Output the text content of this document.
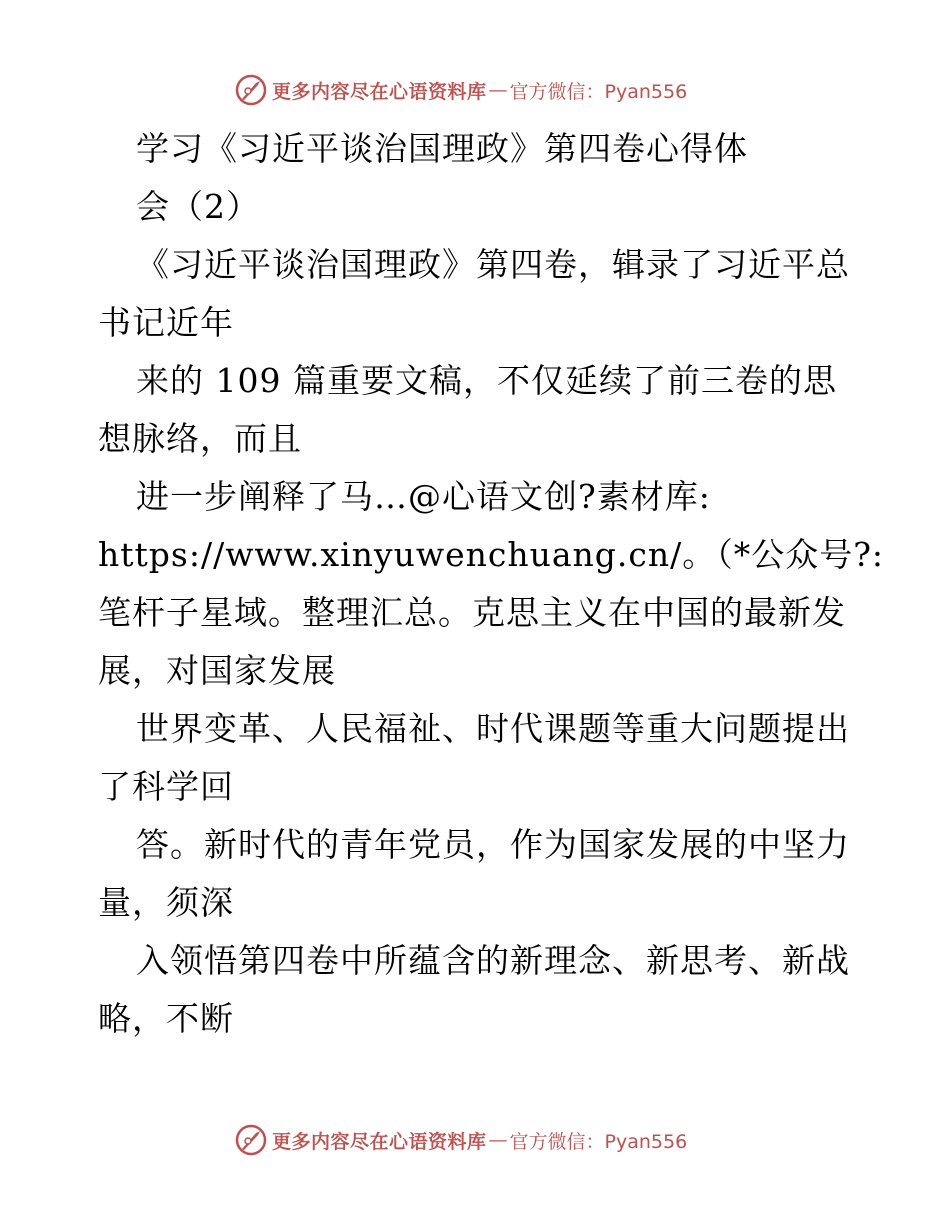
更多内容尽在心语资料库 — 官方微信：Pyan556
学习《习近平谈治国理政》第四卷心得体
会（2）
《习近平谈治国理政》第四卷，辑录了习近平总
书记近年
来的 109 篇重要文稿，不仅延续了前三卷的思
想脉络，而且
进一步阐释了马…@心语文创?素材库:
https://www.xinyuwenchuang.cn/。（*公众号?:
笔杆子星域。整理汇总。克思主义在中国的最新发
展，对国家发展
世界变革、人民福祉、时代课题等重大问题提出
了科学回
答。新时代的青年党员，作为国家发展的中坚力
量，须深
入领悟第四卷中所蕴含的新理念、新思考、新战
略，不断
更多内容尽在心语资料库 — 官方微信：Pyan556
